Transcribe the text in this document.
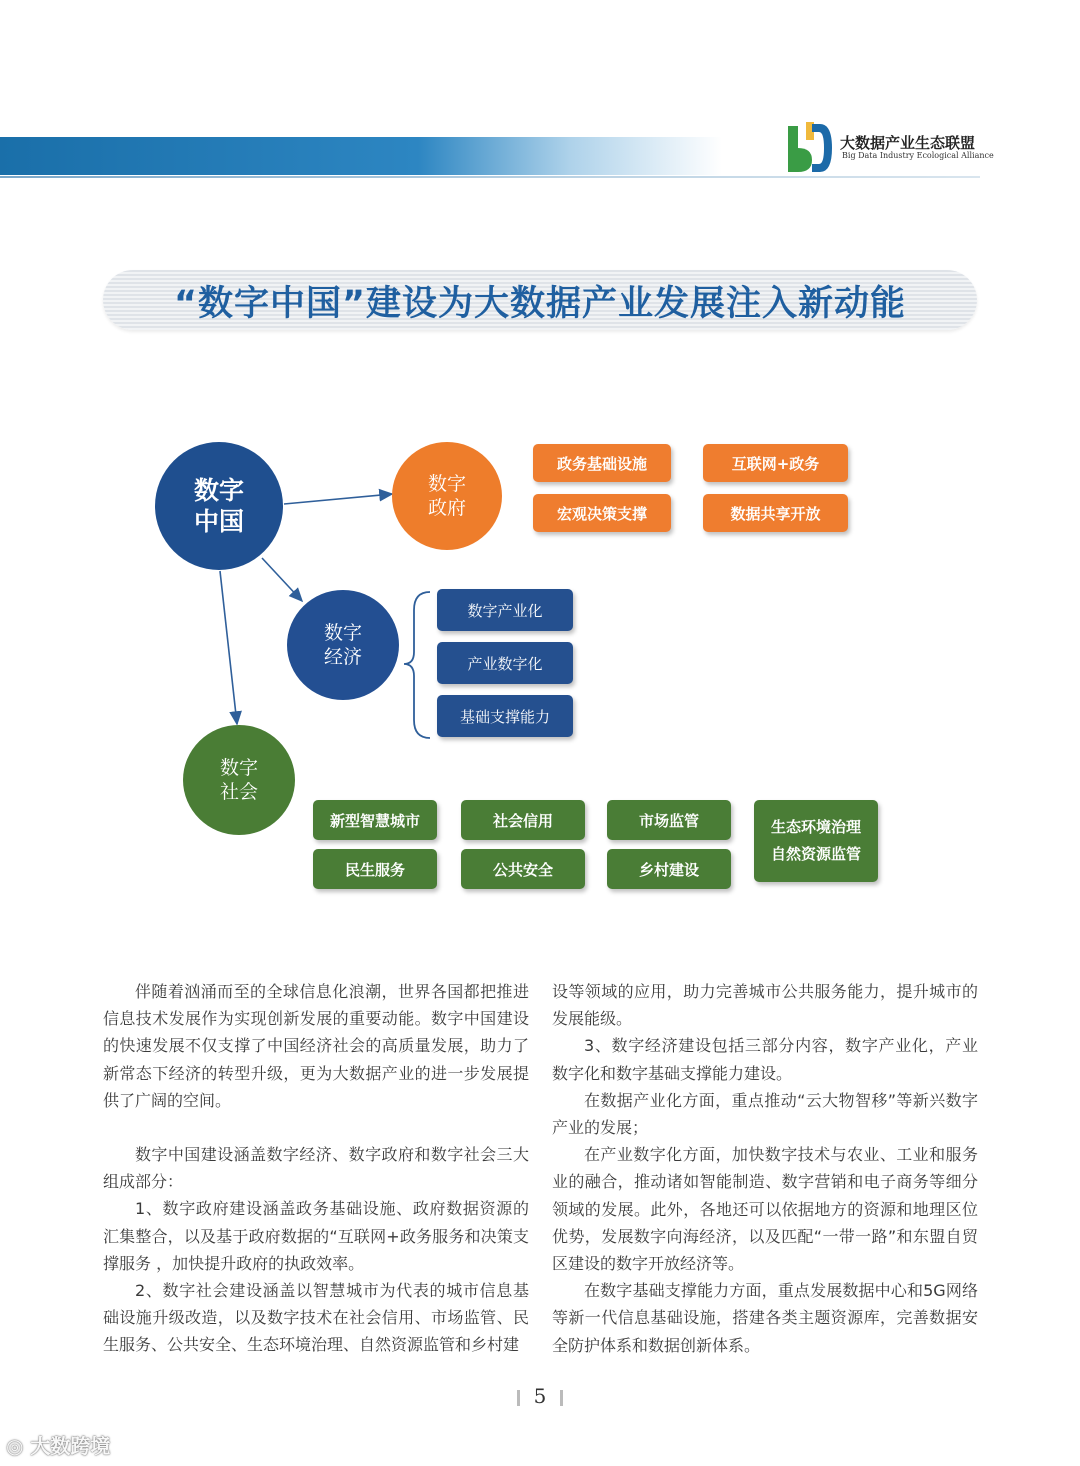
大数据产业生态联盟
Big Data Industry Ecological Alliance
“数字中国”建设为大数据产业发展注入新动能
数字
中国
数字
政府
数字
经济
数字
社会
政务基础设施	互联网+政务
宏观决策支撑	数据共享开放
数字产业化
产业数字化
基础支撑能力
新型智慧城市	社会信用	市场监管
民生服务	公共安全	乡村建设
生态环境治理
自然资源监管

伴随着汹涌而至的全球信息化浪潮，世界各国都把推进信息技术发展作为实现创新发展的重要动能。数字中国建设的快速发展不仅支撑了中国经济社会的高质量发展，助力了新常态下经济的转型升级，更为大数据产业的进一步发展提供了广阔的空间。

数字中国建设涵盖数字经济、数字政府和数字社会三大组成部分：

1、数字政府建设涵盖政务基础设施、政府数据资源的汇集整合，以及基于政府数据的“互联网+政务服务和决策支撑服务 ，加快提升政府的执政效率。

2、数字社会建设涵盖以智慧城市为代表的城市信息基础设施升级改造，以及数字技术在社会信用、市场监管、民生服务、公共安全、生态环境治理、自然资源监管和乡村建

设等领域的应用，助力完善城市公共服务能力，提升城市的发展能级。

3、数字经济建设包括三部分内容，数字产业化，产业数字化和数字基础支撑能力建设。

在数据产业化方面，重点推动“云大物智移”等新兴数字产业的发展；

在产业数字化方面，加快数字技术与农业、工业和服务业的融合，推动诸如智能制造、数字营销和电子商务等细分领域的发展。此外，各地还可以依据地方的资源和地理区位优势，发展数字向海经济，以及匹配“一带一路”和东盟自贸区建设的数字开放经济等。

在数字基础支撑能力方面，重点发展数据中心和5G网络等新一代信息基础设施，搭建各类主题资源库，完善数据安全防护体系和数据创新体系。

5
◎ 大数跨境
